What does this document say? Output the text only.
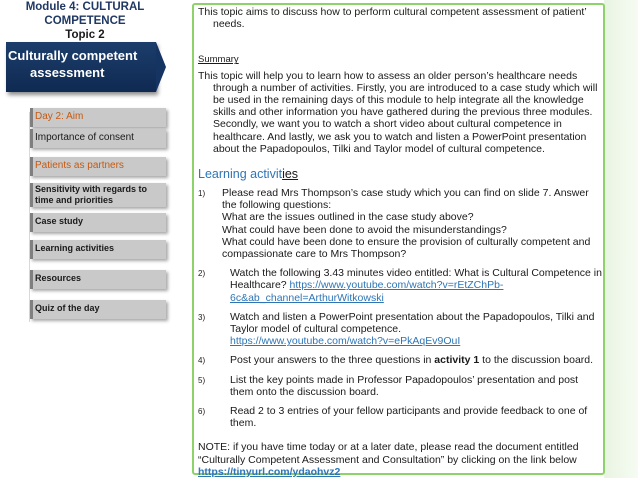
Module 4: CULTURAL COMPETENCE
Topic 2
Culturally competent
assessment
Day 2: Aim
Importance of consent
Patients as partners
Sensitivity with regards to time and priorities
Case study
Learning activities
Resources
Quiz of the day

This topic aims to discuss how to perform cultural competent assessment of patient’ needs.

Summary

This topic will help you to learn how to assess an older person’s healthcare needs through a number of activities. Firstly, you are introduced to a case study which will be used in the remaining days of this module to help integrate all the knowledge skills and other information you have gathered during the previous three modules. Secondly, we want you to watch a short video about cultural competence in healthcare. And lastly, we ask you to watch and listen a PowerPoint presentation about the Papadopoulos, Tilki and Taylor model of cultural competence.

Learning activities
1) Please read Mrs Thompson’s case study which you can find on slide 7. Answer the following questions:
What are the issues outlined in the case study above?
What could have been done to avoid the misunderstandings?
What could have been done to ensure the provision of culturally competent and compassionate care to Mrs Thompson?
2) Watch the following 3.43 minutes video entitled: What is Cultural Competence in Healthcare? https://www.youtube.com/watch?v=rEtZChPb-6c&ab_channel=ArthurWitkowski
3) Watch and listen a PowerPoint presentation about the Papadopoulos, Tilki and Taylor model of cultural competence.
https://www.youtube.com/watch?v=ePkAqEv9OuI
4) Post your answers to the three questions in activity 1 to the discussion board.
5) List the key points made in Professor Papadopoulos’ presentation and post them onto the discussion board.
6) Read 2 to 3 entries of your fellow participants and provide feedback to one of them.
NOTE: if you have time today or at a later date, please read the document entitled “Culturally Competent Assessment and Consultation” by clicking on the link below https://tinyurl.com/ydaohvz2
